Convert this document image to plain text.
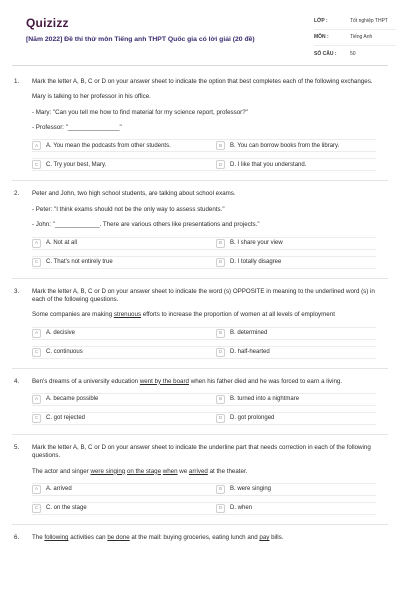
Quizizz
[Năm 2022] Đề thi thử môn Tiếng anh THPT Quốc gia có lời giải (20 đề)
LỚP :	Tốt nghiệp THPT
MÔN :	Tiếng Anh
SỐ CÂU :	50
1.	Mark the letter A, B, C or D on your answer sheet to indicate the option that best completes each of the following exchanges.

Mary is talking to her professor in his office.

- Mary: "Can you tell me how to find material for my science report, professor?"

- Professor: "_______________"

A	A. You mean the podcasts from other students.	B	B. You can borrow books from the library.
C	C. Try your best, Mary.	D	D. I like that you understand.
2.	Peter and John, two high school students, are talking about school exams.

- Peter: "I think exams should not be the only way to assess students."

- John: "_____________. There are various others like presentations and projects."

A	A. Not at all	B	B. I share your view
C	C. That's not entirely true	D	D. I totally disagree
3.	Mark the letter A, B, C or D on your answer sheet to indicate the word (s) OPPOSITE in meaning to the underlined word (s) in each of the following questions.

Some companies are making strenuous efforts to increase the proportion of women at all levels of employment

A	A. decisive	B	B. determined
C	C. continuous	D	D. half-hearted
4.	Ben's dreams of a university education went by the board when his father died and he was forced to earn a living.

A	A. became possible	B	B. turned into a nightmare
C	C. got rejected	D	D. got prolonged
5.	Mark the letter A, B, C or D on your answer sheet to indicate the underline part that needs correction in each of the following questions.

The actor and singer were singing on the stage when we arrived at the theater.

A	A. arrived	B	B. were singing
C	C. on the stage	D	D. when
6.	The following activities can be done at the mall: buying groceries, eating lunch and pay bills.
